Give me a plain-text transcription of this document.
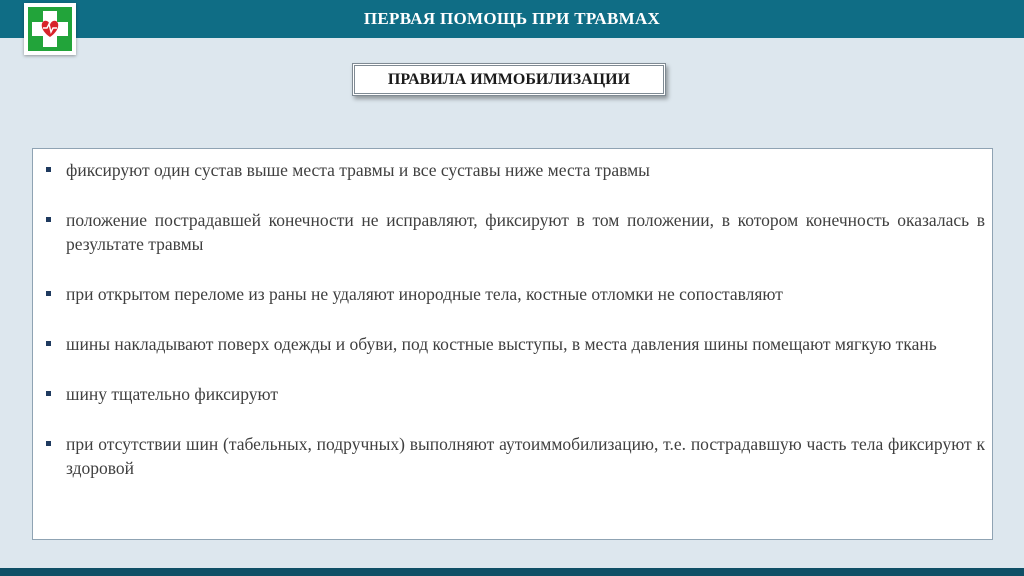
ПЕРВАЯ ПОМОЩЬ ПРИ ТРАВМАХ
ПРАВИЛА ИММОБИЛИЗАЦИИ
фиксируют один сустав выше места травмы и все суставы ниже места травмы
положение пострадавшей конечности не исправляют, фиксируют в том положении, в котором конечность оказалась в результате травмы
при открытом переломе из раны не удаляют инородные тела, костные отломки не сопоставляют
шины накладывают поверх одежды и обуви, под костные выступы, в места давления шины помещают мягкую ткань
шину тщательно фиксируют
при отсутствии шин (табельных, подручных) выполняют аутоиммобилизацию, т.е. пострадавшую часть тела фиксируют к здоровой
